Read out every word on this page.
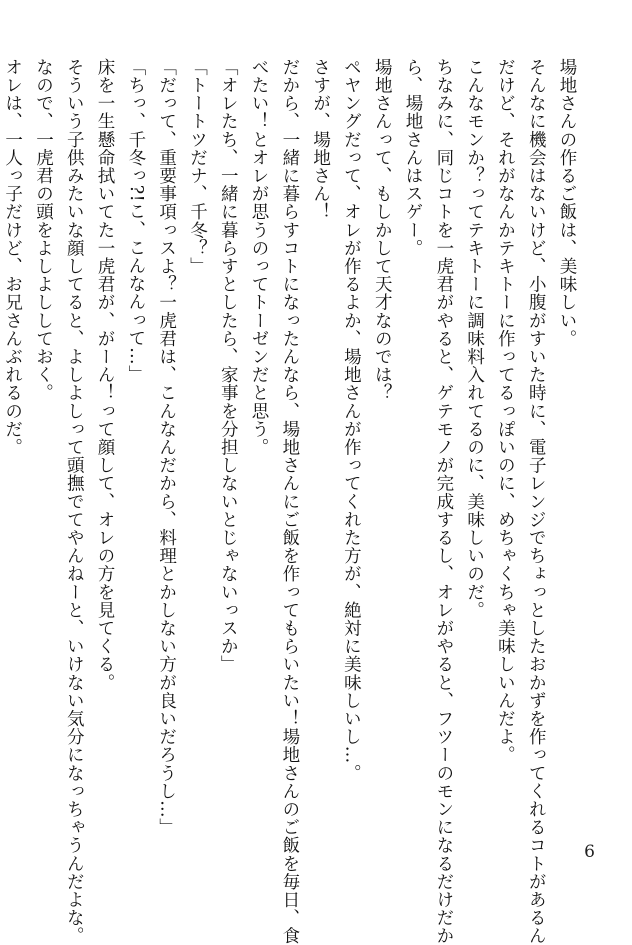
場地さんの作るご飯は、美味しい。
そんなに機会はないけど、小腹がすいた時に、電子レンジでちょっとしたおかずを作ってくれるコトがあるん
だけど、それがなんかテキトーに作ってるっぽいのに、めちゃくちゃ美味しいんだよ。
こんなモンか？ってテキトーに調味料入れてるのに、美味しいのだ。
ちなみに、同じコトを一虎君がやると、ゲテモノが完成するし、オレがやると、フツーのモンになるだけだか
ら、場地さんはスゲー。
場地さんって、もしかして天才なのでは？
ペヤングだって、オレが作るよか、場地さんが作ってくれた方が、絶対に美味しいし…。
さすが、場地さん！
だから、一緒に暮らすコトになったんなら、場地さんにご飯を作ってもらいたい！場地さんのご飯を毎日、食
べたい！とオレが思うのってトーゼンだと思う。
「オレたち、一緒に暮らすとしたら、家事を分担しないとじゃないっスか」
「トートツだナ、千冬？」
「だって、重要事項っスよ？一虎君は、こんなんだから、料理とかしない方が良いだろうし…」
「ちっ、千冬っ?!こ、こんなんって…」
床を一生懸命拭いてた一虎君が、がーん！って顔して、オレの方を見てくる。
そういう子供みたいな顔してると、よしよしって頭撫でてやんねーと、いけない気分になっちゃうんだよな。
なので、一虎君の頭をよしよししておく。
オレは、一人っ子だけど、お兄さんぶれるのだ。
6
